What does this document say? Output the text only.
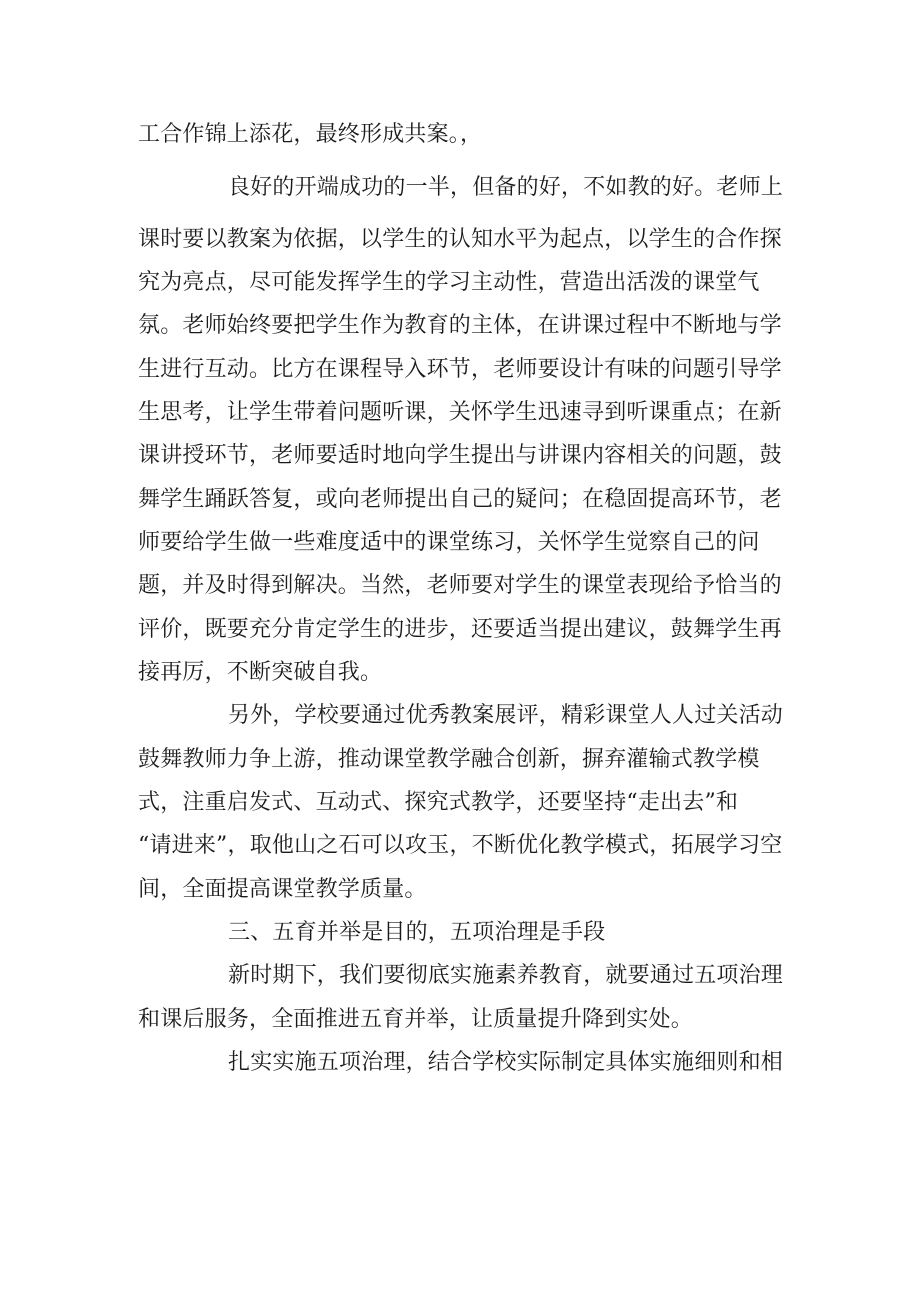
工合作锦上添花，最终形成共案。，
良好的开端成功的一半，但备的好，不如教的好。老师上
课时要以教案为依据，以学生的认知水平为起点，以学生的合作探
究为亮点，尽可能发挥学生的学习主动性，营造出活泼的课堂气
氛。老师始终要把学生作为教育的主体，在讲课过程中不断地与学
生进行互动。比方在课程导入环节，老师要设计有味的问题引导学
生思考，让学生带着问题听课，关怀学生迅速寻到听课重点；在新
课讲授环节，老师要适时地向学生提出与讲课内容相关的问题，鼓
舞学生踊跃答复，或向老师提出自己的疑问；在稳固提高环节，老
师要给学生做一些难度适中的课堂练习，关怀学生觉察自己的问
题，并及时得到解决。当然，老师要对学生的课堂表现给予恰当的
评价，既要充分肯定学生的进步，还要适当提出建议，鼓舞学生再
接再厉，不断突破自我。
另外，学校要通过优秀教案展评，精彩课堂人人过关活动
鼓舞教师力争上游，推动课堂教学融合创新，摒弃灌输式教学模
式，注重启发式、互动式、探究式教学，还要坚持“走出去”和
“请进来”，取他山之石可以攻玉，不断优化教学模式，拓展学习空
间，全面提高课堂教学质量。
三、五育并举是目的，五项治理是手段
新时期下，我们要彻底实施素养教育，就要通过五项治理
和课后服务，全面推进五育并举，让质量提升降到实处。
扎实实施五项治理，结合学校实际制定具体实施细则和相
